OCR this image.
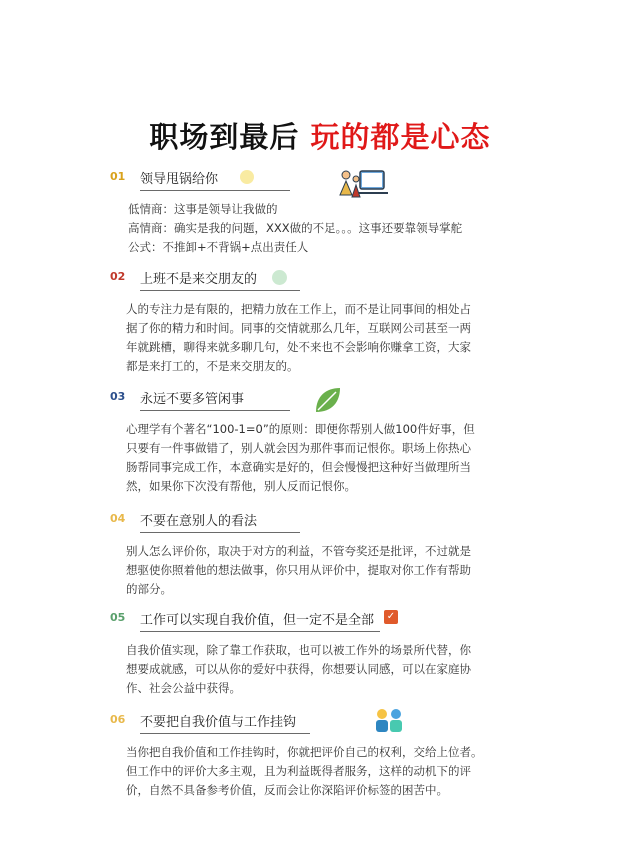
职场到最后 玩的都是心态
01	领导甩锅给你

低情商：这事是领导让我做的

高情商：确实是我的问题，XXX做的不足。。。这事还要靠领导掌舵

公式：不推卸+不背锅+点出责任人

02	上班不是来交朋友的

人的专注力是有限的，把精力放在工作上，而不是让同事间的相处占

据了你的精力和时间。同事的交情就那么几年，互联网公司甚至一两

年就跳槽，聊得来就多聊几句，处不来也不会影响你赚拿工资，大家

都是来打工的，不是来交朋友的。

03	永远不要多管闲事

心理学有个著名“100-1=0”的原则：即便你帮别人做100件好事，但

只要有一件事做错了，别人就会因为那件事而记恨你。职场上你热心

肠帮同事完成工作，本意确实是好的，但会慢慢把这种好当做理所当

然，如果你下次没有帮他，别人反而记恨你。

04	不要在意别人的看法

别人怎么评价你，取决于对方的利益，不管夸奖还是批评，不过就是

想驱使你照着他的想法做事，你只用从评价中，提取对你工作有帮助

的部分。

05	工作可以实现自我价值，但一定不是全部 ✓

自我价值实现，除了靠工作获取，也可以被工作外的场景所代替，你

想要成就感，可以从你的爱好中获得，你想要认同感，可以在家庭协

作、社会公益中获得。

06	不要把自我价值与工作挂钩

当你把自我价值和工作挂钩时，你就把评价自己的权利，交给上位者。

但工作中的评价大多主观，且为利益既得者服务，这样的动机下的评

价，自然不具备参考价值，反而会让你深陷评价标签的困苦中。
